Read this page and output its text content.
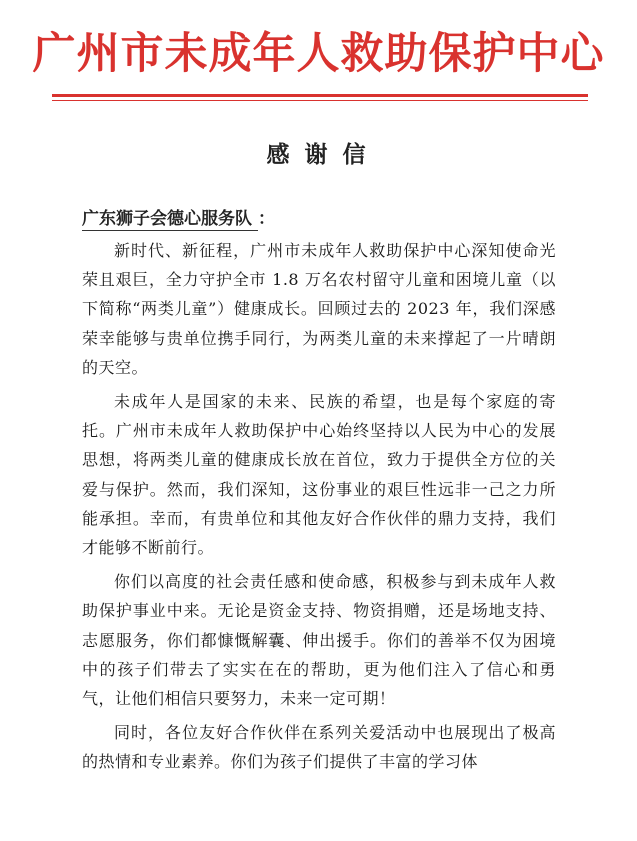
广州市未成年人救助保护中心
感谢信
广东狮子会德心服务队 ：

新时代、新征程，广州市未成年人救助保护中心深知使命光荣且艰巨，全力守护全市 1.8 万名农村留守儿童和困境儿童（以下简称“两类儿童”）健康成长。回顾过去的 2023 年，我们深感荣幸能够与贵单位携手同行，为两类儿童的未来撑起了一片晴朗的天空。

未成年人是国家的未来、民族的希望，也是每个家庭的寄托。广州市未成年人救助保护中心始终坚持以人民为中心的发展思想，将两类儿童的健康成长放在首位，致力于提供全方位的关爱与保护。然而，我们深知，这份事业的艰巨性远非一己之力所能承担。幸而，有贵单位和其他友好合作伙伴的鼎力支持，我们才能够不断前行。

你们以高度的社会责任感和使命感，积极参与到未成年人救助保护事业中来。无论是资金支持、物资捐赠，还是场地支持、志愿服务，你们都慷慨解囊、伸出援手。你们的善举不仅为困境中的孩子们带去了实实在在的帮助，更为他们注入了信心和勇气，让他们相信只要努力，未来一定可期！

同时，各位友好合作伙伴在系列关爱活动中也展现出了极高的热情和专业素养。你们为孩子们提供了丰富的学习体
